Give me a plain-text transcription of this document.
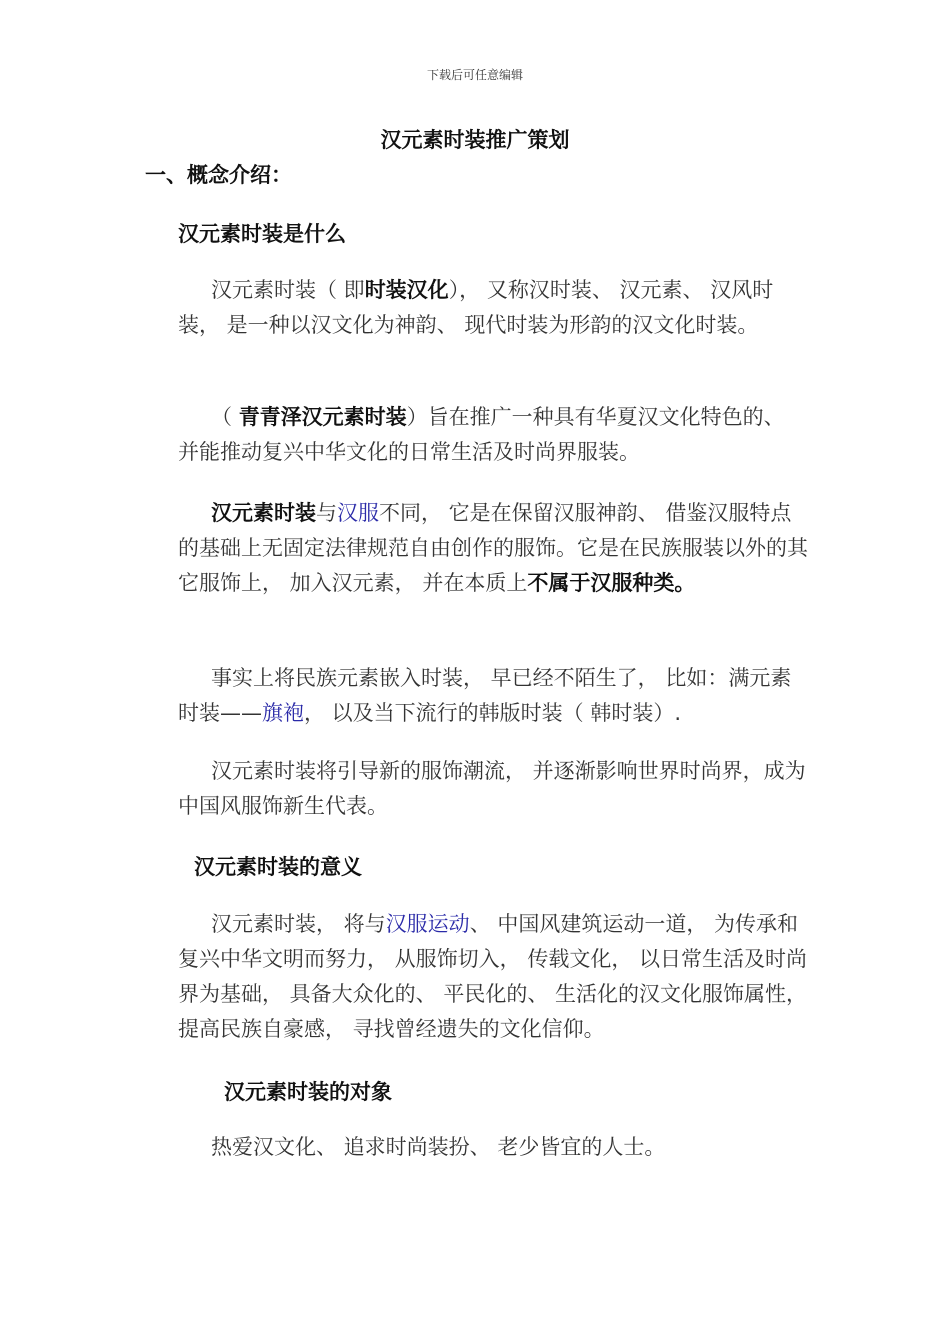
下载后可任意编辑
汉元素时装推广策划
一、概念介绍：
汉元素时装是什么

汉元素时装（ 即时装汉化）， 又称汉时装、 汉元素、 汉风时装， 是一种以汉文化为神韵、 现代时装为形韵的汉文化时装。

（ 青青泽汉元素时装）旨在推广一种具有华夏汉文化特色的、 并能推动复兴中华文化的日常生活及时尚界服装。

汉元素时装与汉服不同， 它是在保留汉服神韵、 借鉴汉服特点的基础上无固定法律规范自由创作的服饰。它是在民族服装以外的其它服饰上， 加入汉元素， 并在本质上不属于汉服种类。

事实上将民族元素嵌入时装， 早已经不陌生了， 比如：满元素时装——旗袍， 以及当下流行的韩版时装（ 韩时装）.

汉元素时装将引导新的服饰潮流， 并逐渐影响世界时尚界，成为中国风服饰新生代表。

汉元素时装的意义

汉元素时装， 将与汉服运动、 中国风建筑运动一道， 为传承和复兴中华文明而努力， 从服饰切入， 传载文化， 以日常生活及时尚界为基础， 具备大众化的、 平民化的、 生活化的汉文化服饰属性， 提高民族自豪感， 寻找曾经遗失的文化信仰。

汉元素时装的对象

热爱汉文化、 追求时尚装扮、 老少皆宜的人士。
